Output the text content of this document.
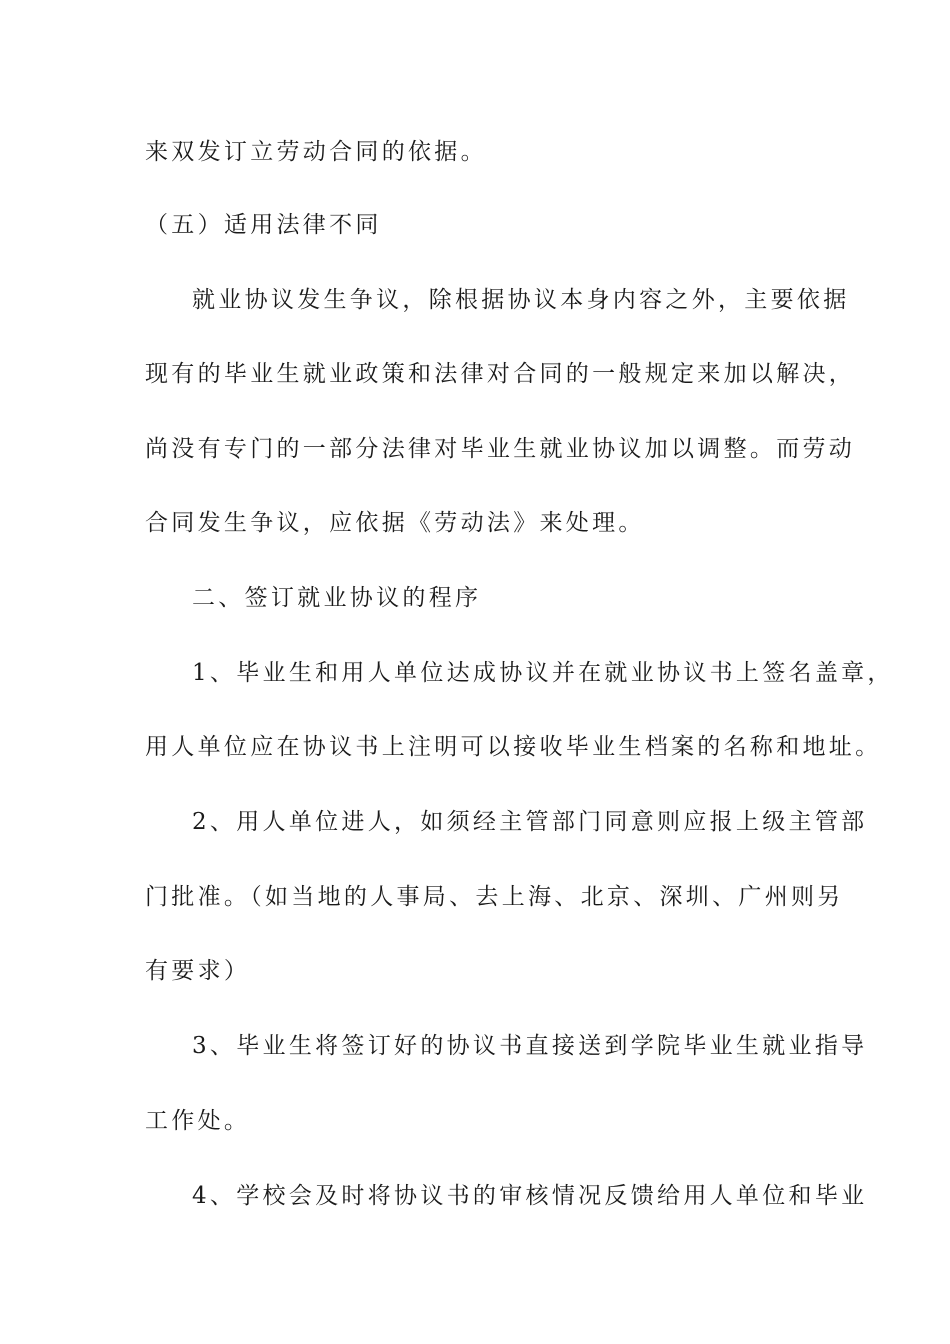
来双发订立劳动合同的依据。

（五）适用法律不同

就业协议发生争议，除根据协议本身内容之外，主要依据

现有的毕业生就业政策和法律对合同的一般规定来加以解决，

尚没有专门的一部分法律对毕业生就业协议加以调整。而劳动

合同发生争议，应依据《劳动法》来处理。

二、签订就业协议的程序

1、毕业生和用人单位达成协议并在就业协议书上签名盖章，

用人单位应在协议书上注明可以接收毕业生档案的名称和地址。

2、用人单位进人，如须经主管部门同意则应报上级主管部

门批准。（如当地的人事局、去上海、北京、深圳、广州则另

有要求）

3、毕业生将签订好的协议书直接送到学院毕业生就业指导

工作处。

4、学校会及时将协议书的审核情况反馈给用人单位和毕业
